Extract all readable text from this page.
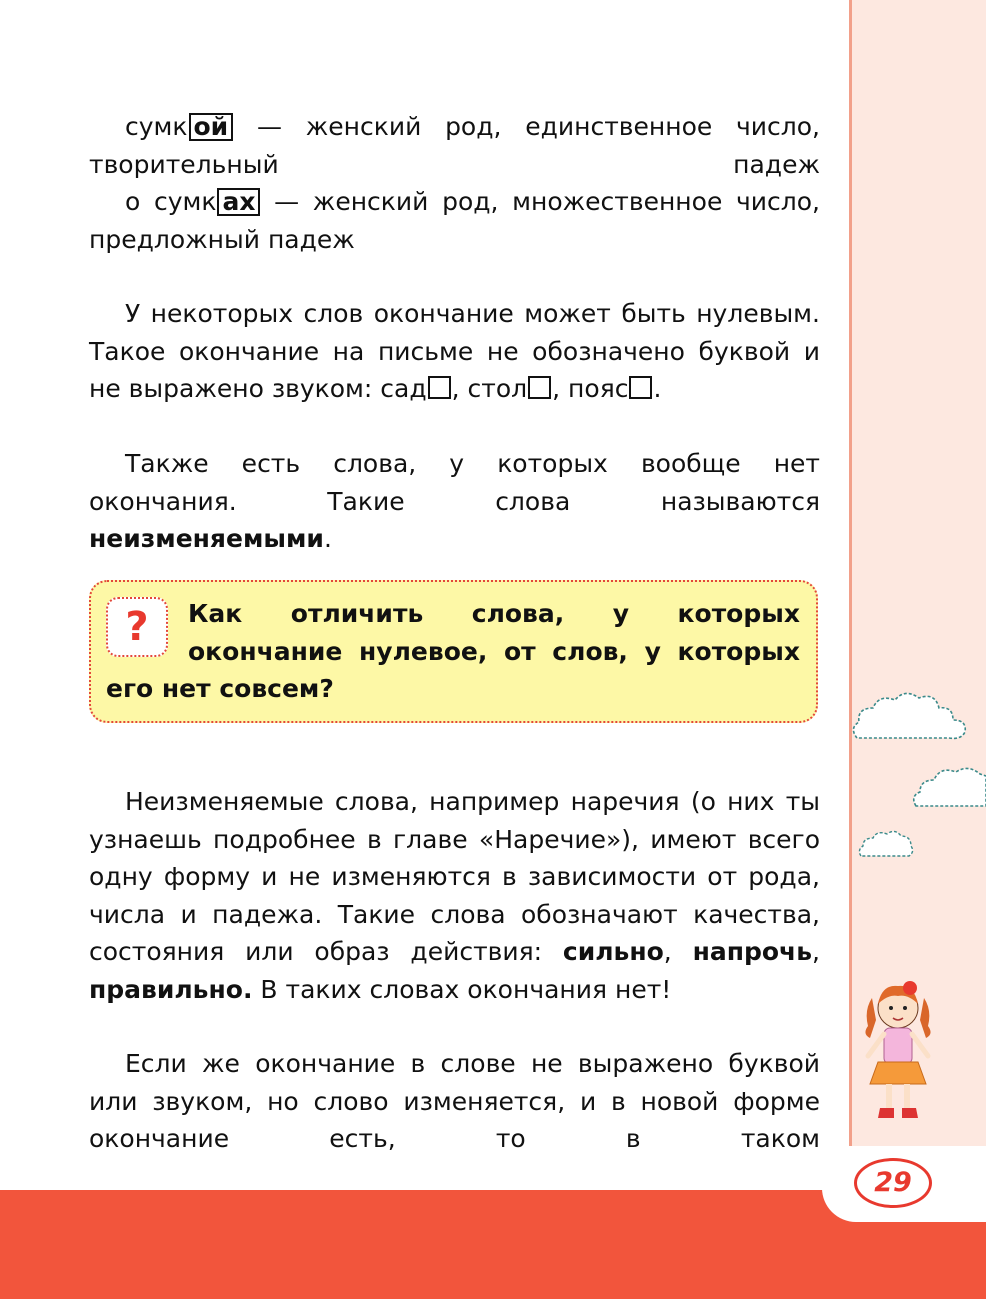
29

сумк ой — женский род, единственное число, творительный падеж

о сумк ах — женский род, множественное число, предложный падеж

У некоторых слов окончание может быть нулевым. Такое окончание на письме не обозначено буквой и не выражено звуком: сад , стол , пояс .

Также есть слова, у которых вообще нет окончания. Такие слова называются неизменяемыми.

?	Как отличить слова, у которых окончание нулевое, от слов, у которых его нет совсем?

Неизменяемые слова, например наречия (о них ты узнаешь подробнее в главе «Наречие»), имеют всего одну форму и не изменяются в зависимости от рода, числа и падежа. Такие слова обозначают качества, состояния или образ действия: сильно, напрочь, правильно. В таких словах окончания нет!

Если же окончание в слове не выражено буквой или звуком, но слово изменяется, и в новой форме окончание есть, то в таком
